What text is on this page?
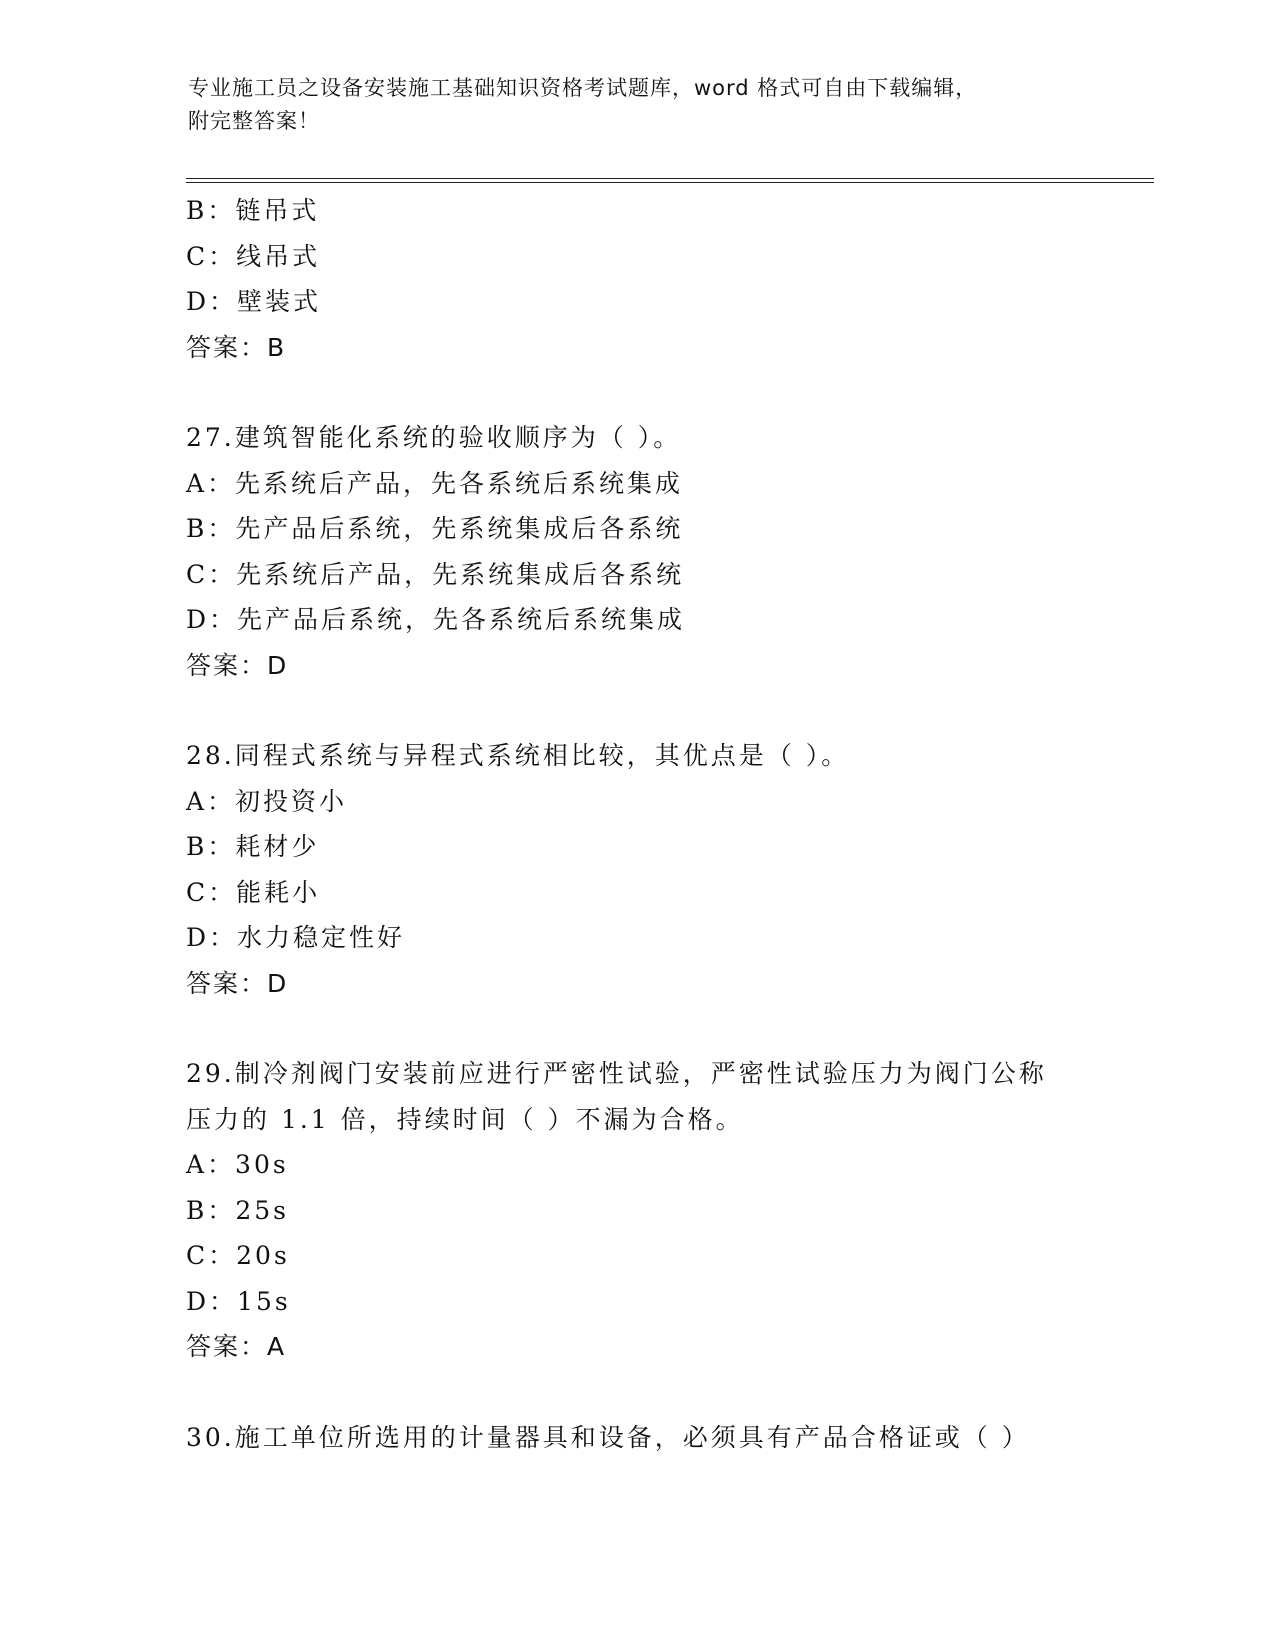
专业施工员之设备安装施工基础知识资格考试题库，word 格式可自由下载编辑，
附完整答案！
B：链吊式
C：线吊式
D：壁装式
答案：B
27.建筑智能化系统的验收顺序为（ ）。
A：先系统后产品，先各系统后系统集成
B：先产品后系统，先系统集成后各系统
C：先系统后产品，先系统集成后各系统
D：先产品后系统，先各系统后系统集成
答案：D
28.同程式系统与异程式系统相比较，其优点是（ ）。
A：初投资小
B：耗材少
C：能耗小
D：水力稳定性好
答案：D
29.制冷剂阀门安装前应进行严密性试验，严密性试验压力为阀门公称
压力的 1.1 倍，持续时间（ ）不漏为合格。
A：30s
B：25s
C：20s
D：15s
答案：A
30.施工单位所选用的计量器具和设备，必须具有产品合格证或（ ）
